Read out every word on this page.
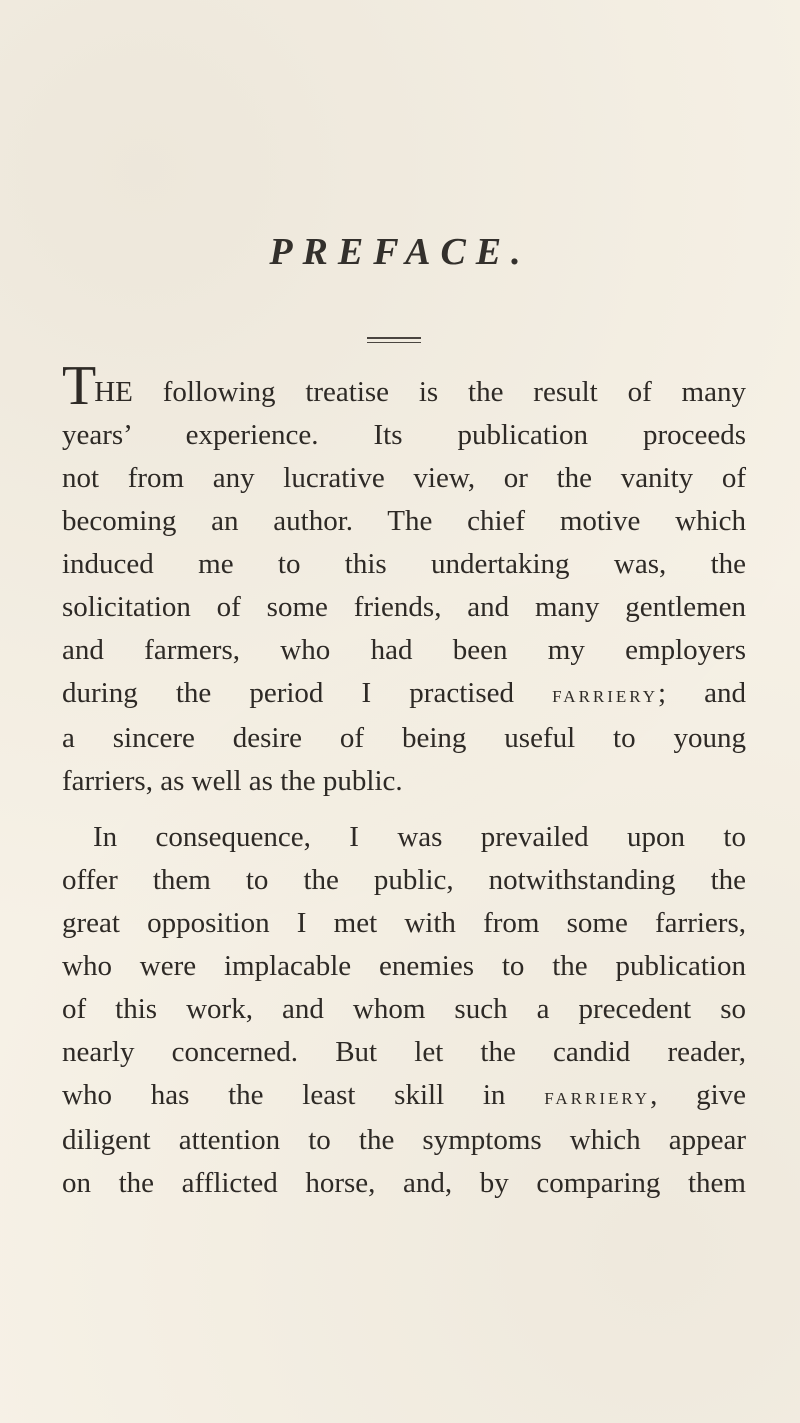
PREFACE.
THE following treatise is the result of many
years’ experience. Its publication proceeds
not from any lucrative view, or the vanity of
becoming an author. The chief motive which
induced me to this undertaking was, the
solicitation of some friends, and many gentlemen
and farmers, who had been my employers
during the period I practised farriery; and
a sincere desire of being useful to young
farriers, as well as the public.
In consequence, I was prevailed upon to
offer them to the public, notwithstanding the
great opposition I met with from some farriers,
who were implacable enemies to the publication
of this work, and whom such a precedent so
nearly concerned. But let the candid reader,
who has the least skill in farriery, give
diligent attention to the symptoms which appear
on the afflicted horse, and, by comparing them
